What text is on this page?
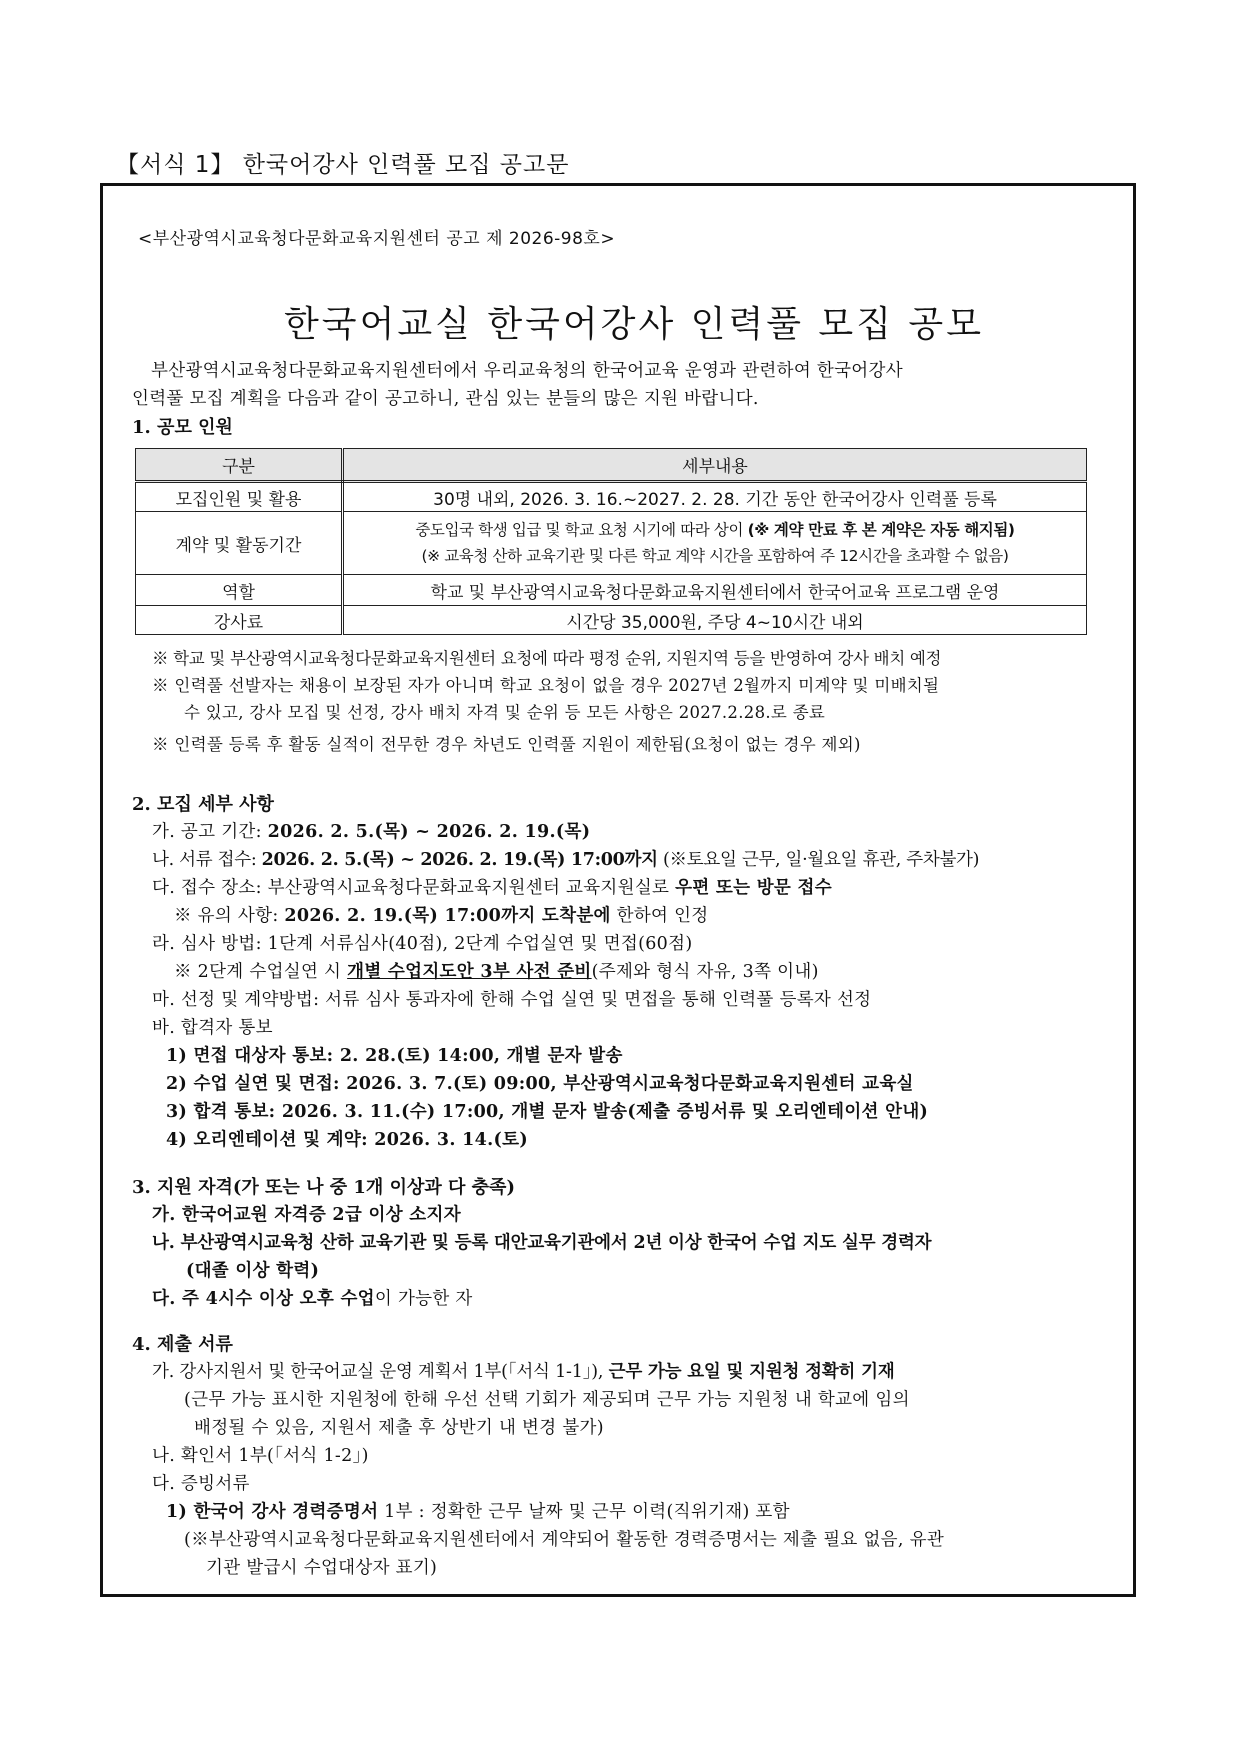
【서식 1】 한국어강사 인력풀 모집 공고문
<부산광역시교육청다문화교육지원센터 공고 제 2026-98호>
한국어교실 한국어강사 인력풀 모집 공모
부산광역시교육청다문화교육지원센터에서 우리교육청의 한국어교육 운영과 관련하여 한국어강사
인력풀 모집 계획을 다음과 같이 공고하니, 관심 있는 분들의 많은 지원 바랍니다.
1. 공모 인원
구분	세부내용
모집인원 및 활용	30명 내외, 2026. 3. 16.~2027. 2. 28. 기간 동안 한국어강사 인력풀 등록
계약 및 활동기간	중도입국 학생 입급 및 학교 요청 시기에 따라 상이 (※ 계약 만료 후 본 계약은 자동 해지됨)
(※ 교육청 산하 교육기관 및 다른 학교 계약 시간을 포함하여 주 12시간을 초과할 수 없음)

역할	학교 및 부산광역시교육청다문화교육지원센터에서 한국어교육 프로그램 운영
강사료	시간당 35,000원, 주당 4~10시간 내외
※ 학교 및 부산광역시교육청다문화교육지원센터 요청에 따라 평정 순위, 지원지역 등을 반영하여 강사 배치 예정
※ 인력풀 선발자는 채용이 보장된 자가 아니며 학교 요청이 없을 경우 2027년 2월까지 미계약 및 미배치될
수 있고, 강사 모집 및 선정, 강사 배치 자격 및 순위 등 모든 사항은 2027.2.28.로 종료
※ 인력풀 등록 후 활동 실적이 전무한 경우 차년도 인력풀 지원이 제한됨(요청이 없는 경우 제외)
2. 모집 세부 사항
가. 공고 기간: 2026. 2. 5.(목) ~ 2026. 2. 19.(목)
나. 서류 접수: 2026. 2. 5.(목) ~ 2026. 2. 19.(목) 17:00까지 (※토요일 근무, 일·월요일 휴관, 주차불가)
다. 접수 장소: 부산광역시교육청다문화교육지원센터 교육지원실로 우편 또는 방문 접수
※ 유의 사항: 2026. 2. 19.(목) 17:00까지 도착분에 한하여 인정
라. 심사 방법: 1단계 서류심사(40점), 2단계 수업실연 및 면접(60점)
※ 2단계 수업실연 시 개별 수업지도안 3부 사전 준비(주제와 형식 자유, 3쪽 이내)
마. 선정 및 계약방법: 서류 심사 통과자에 한해 수업 실연 및 면접을 통해 인력풀 등록자 선정
바. 합격자 통보
1) 면접 대상자 통보: 2. 28.(토) 14:00, 개별 문자 발송
2) 수업 실연 및 면접: 2026. 3. 7.(토) 09:00, 부산광역시교육청다문화교육지원센터 교육실
3) 합격 통보: 2026. 3. 11.(수) 17:00, 개별 문자 발송(제출 증빙서류 및 오리엔테이션 안내)
4) 오리엔테이션 및 계약: 2026. 3. 14.(토)
3. 지원 자격(가 또는 나 중 1개 이상과 다 충족)
가. 한국어교원 자격증 2급 이상 소지자
나. 부산광역시교육청 산하 교육기관 및 등록 대안교육기관에서 2년 이상 한국어 수업 지도 실무 경력자
(대졸 이상 학력)
다. 주 4시수 이상 오후 수업이 가능한 자
4. 제출 서류
가. 강사지원서 및 한국어교실 운영 계획서 1부(「서식 1-1」), 근무 가능 요일 및 지원청 정확히 기재
(근무 가능 표시한 지원청에 한해 우선 선택 기회가 제공되며 근무 가능 지원청 내 학교에 임의
배정될 수 있음, 지원서 제출 후 상반기 내 변경 불가)
나. 확인서 1부(「서식 1-2」)
다. 증빙서류
1) 한국어 강사 경력증명서 1부 : 정확한 근무 날짜 및 근무 이력(직위기재) 포함
(※부산광역시교육청다문화교육지원센터에서 계약되어 활동한 경력증명서는 제출 필요 없음, 유관
기관 발급시 수업대상자 표기)
